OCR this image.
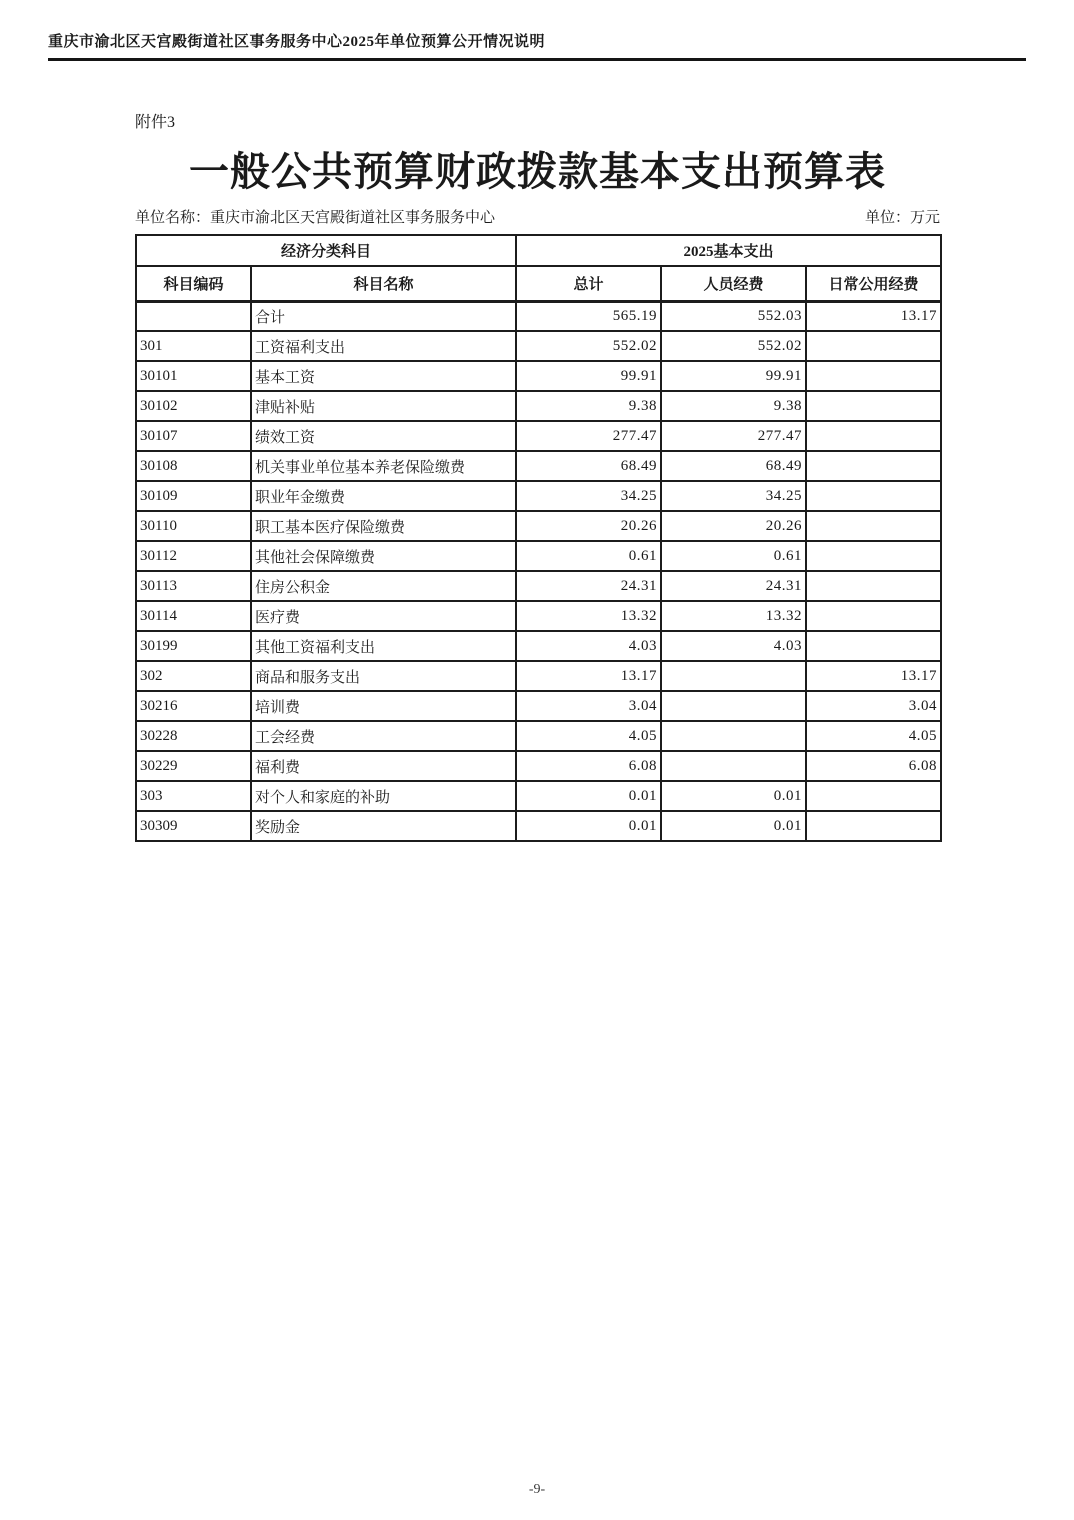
重庆市渝北区天宫殿街道社区事务服务中心2025年单位预算公开情况说明
附件3
一般公共预算财政拨款基本支出预算表
单位名称：重庆市渝北区天宫殿街道社区事务服务中心	单位：万元
经济分类科目		2025基本支出		
科目编码	科目名称	总计	人员经费	日常公用经费
	合计	565.19	552.03	13.17
301	工资福利支出	552.02	552.02	
30101	基本工资	99.91	99.91	
30102	津贴补贴	9.38	9.38	
30107	绩效工资	277.47	277.47	
30108	机关事业单位基本养老保险缴费	68.49	68.49	
30109	职业年金缴费	34.25	34.25	
30110	职工基本医疗保险缴费	20.26	20.26	
30112	其他社会保障缴费	0.61	0.61	
30113	住房公积金	24.31	24.31	
30114	医疗费	13.32	13.32	
30199	其他工资福利支出	4.03	4.03	
302	商品和服务支出	13.17		13.17
30216	培训费	3.04		3.04
30228	工会经费	4.05		4.05
30229	福利费	6.08		6.08
303	对个人和家庭的补助	0.01	0.01	
30309	奖励金	0.01	0.01	
-9-
